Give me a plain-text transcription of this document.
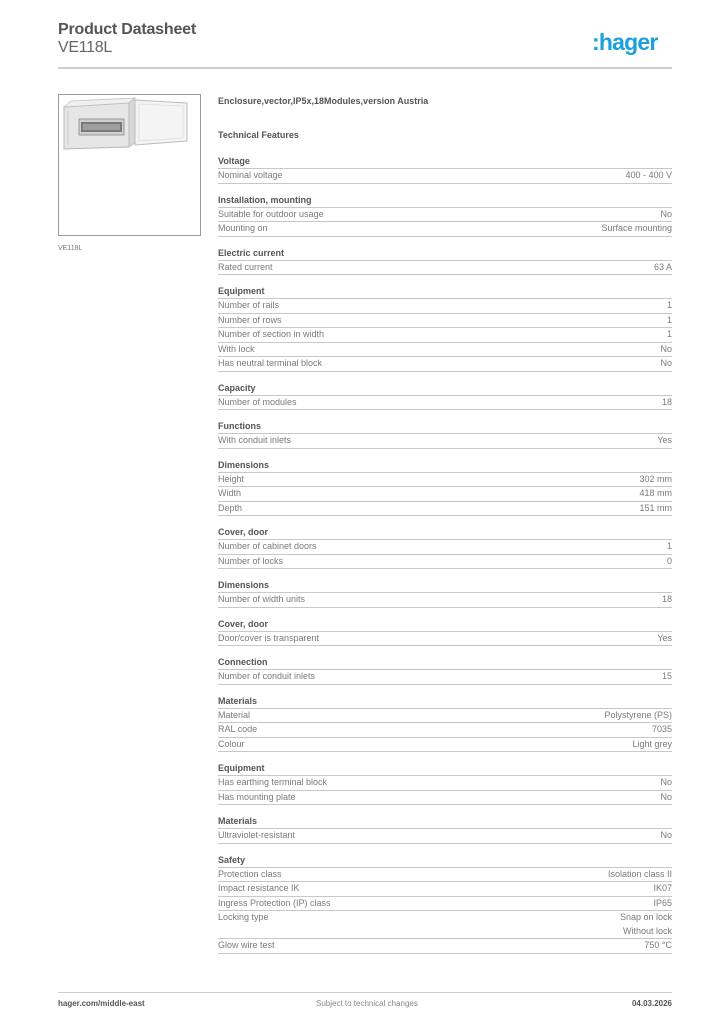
Product Datasheet
VE118L	:hager
VE118L
Enclosure,vector,IP5x,18Modules,version Austria
Technical Features
Voltage
Nominal voltage	400 - 400 V
Installation, mounting
Suitable for outdoor usage	No
Mounting on	Surface mounting
Electric current
Rated current	63 A
Equipment
Number of rails	1
Number of rows	1
Number of section in width	1
With lock	No
Has neutral terminal block	No
Capacity
Number of modules	18
Functions
With conduit inlets	Yes
Dimensions
Height	302 mm
Width	418 mm
Depth	151 mm
Cover, door
Number of cabinet doors	1
Number of locks	0
Dimensions
Number of width units	18
Cover, door
Door/cover is transparent	Yes
Connection
Number of conduit inlets	15
Materials
Material	Polystyrene (PS)
RAL code	7035
Colour	Light grey
Equipment
Has earthing terminal block	No
Has mounting plate	No
Materials
Ultraviolet-resistant	No
Safety
Protection class	Isolation class II
Impact resistance IK	IK07
Ingress Protection (IP) class	IP65
Locking type	Snap on lock
Without lock
Glow wire test	750 °C
hager.com/middle-east	Subject to technical changes	04.03.2026
